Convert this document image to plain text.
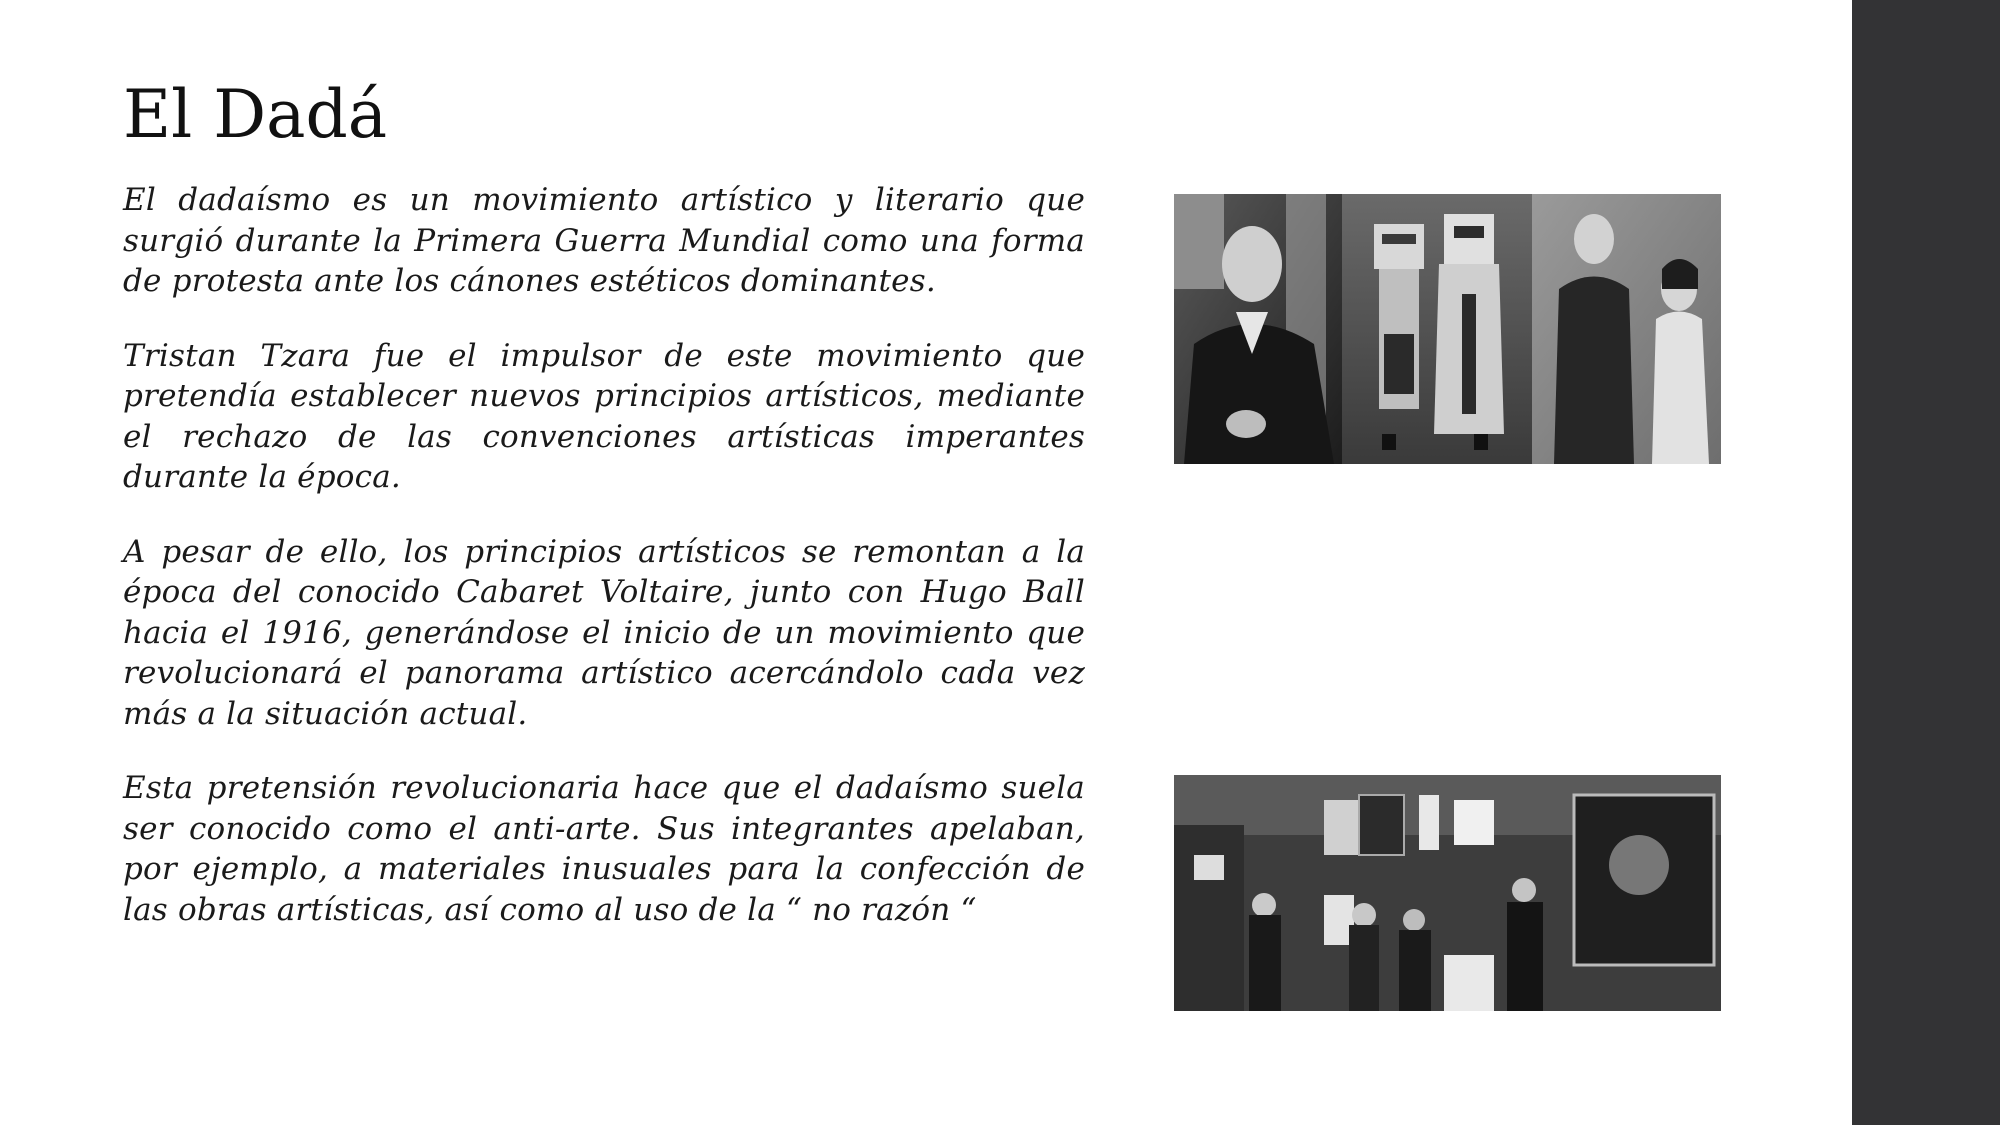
El Dadá

El dadaísmo es un movimiento artístico y literario que surgió durante la Primera Guerra Mundial como una forma de protesta ante los cánones estéticos dominantes.

Tristan Tzara fue el impulsor de este movimiento que pretendía establecer nuevos principios artísticos, mediante el rechazo de las convenciones artísticas imperantes durante la época.

A pesar de ello, los principios artísticos se remontan a la época del conocido Cabaret Voltaire, junto con Hugo Ball hacia el 1916, generándose el inicio de un movimiento que revolucionará el panorama artístico acercándolo cada vez más a la situación actual.

Esta pretensión revolucionaria hace que el dadaísmo suela ser conocido como el anti-arte. Sus integrantes apelaban, por ejemplo, a materiales inusuales para la confección de las obras artísticas, así como al uso de la “ no razón “
